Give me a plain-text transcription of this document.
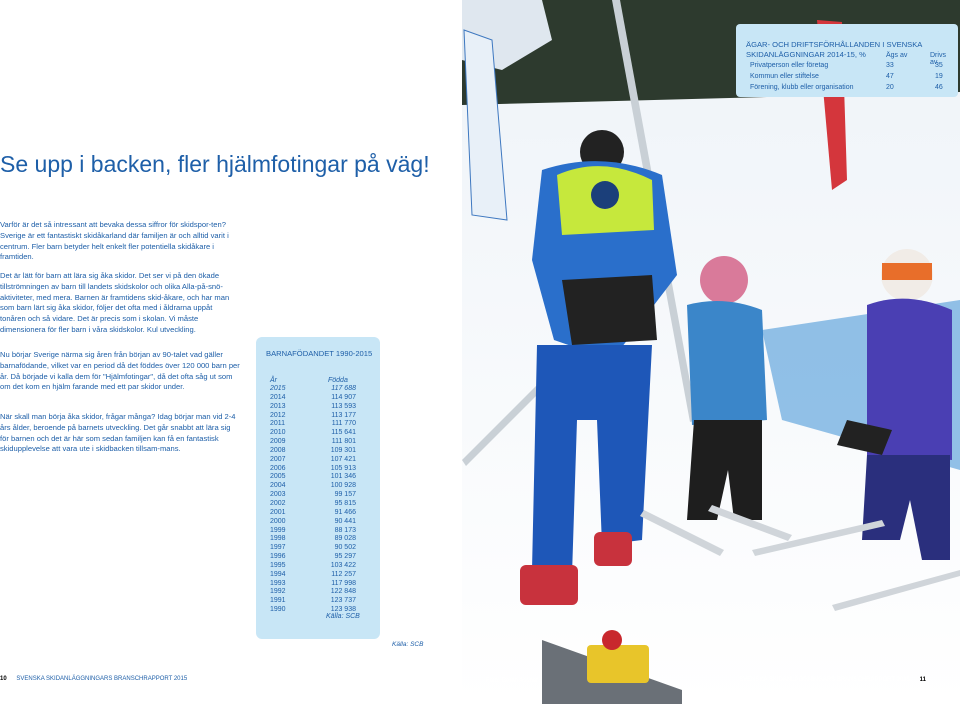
Se upp i backen, fler hjälmfotingar på väg!

Varför är det så intressant att bevaka dessa siffror för skidspor-ten? Sverige är ett fantastiskt skidåkarland där familjen är och alltid varit i centrum. Fler barn betyder helt enkelt fler potentiella skidåkare i framtiden.

Det är lätt för barn att lära sig åka skidor. Det ser vi på den ökade tillströmningen av barn till landets skidskolor och olika Alla-på-snö-aktiviteter, med mera. Barnen är framtidens skid-åkare, och har man som barn lärt sig åka skidor, följer det ofta med i åldrarna uppåt tonåren och så vidare. Det är precis som i skolan. Vi måste dimensionera för fler barn i våra skidskolor. Kul utveckling.

Nu börjar Sverige närma sig åren från början av 90-talet vad gäller barnafödande, vilket var en period då det föddes över 120 000 barn per år. Då började vi kalla dem för "Hjälmfotingar", då det ofta såg ut som om det kom en hjälm farande med ett par skidor under.

När skall man börja åka skidor, frågar många? Idag börjar man vid 2-4 års ålder, beroende på barnets utveckling. Det går snabbt att lära sig för barnen och det är här som sedan familjen kan få en fantastisk skidupplevelse att vara ute i skidbacken tillsam-mans.

BARNAFÖDANDET 1990-2015
År	Födda
2015	117 688
2014	114 907
2013	113 593
2012	113 177
2011	111 770
2010	115 641
2009	111 801
2008	109 301
2007	107 421
2006	105 913
2005	101 346
2004	100 928
2003	99 157
2002	95 815
2001	91 466
2000	90 441
1999	88 173
1998	89 028
1997	90 502
1996	95 297
1995	103 422
1994	112 257
1993	117 998
1992	122 848
1991	123 737
1990	123 938
Källa: SCB
Källa: SCB
10 SVENSKA SKIDANLÄGGNINGARS BRANSCHRAPPORT 2015
ÄGAR- OCH DRIFTSFÖRHÅLLANDEN I SVENSKA SKIDANLÄGGNINGAR 2014-15, %	Ägs av	Drivs av
Privatperson eller företag	33	35
Kommun eller stiftelse	47	19
Förening, klubb eller organisation	20	46
Foto: Göran Assner	SVENSKA SKIDANLÄGGNINGARS BRANSCHRAPPORT 2015 11
